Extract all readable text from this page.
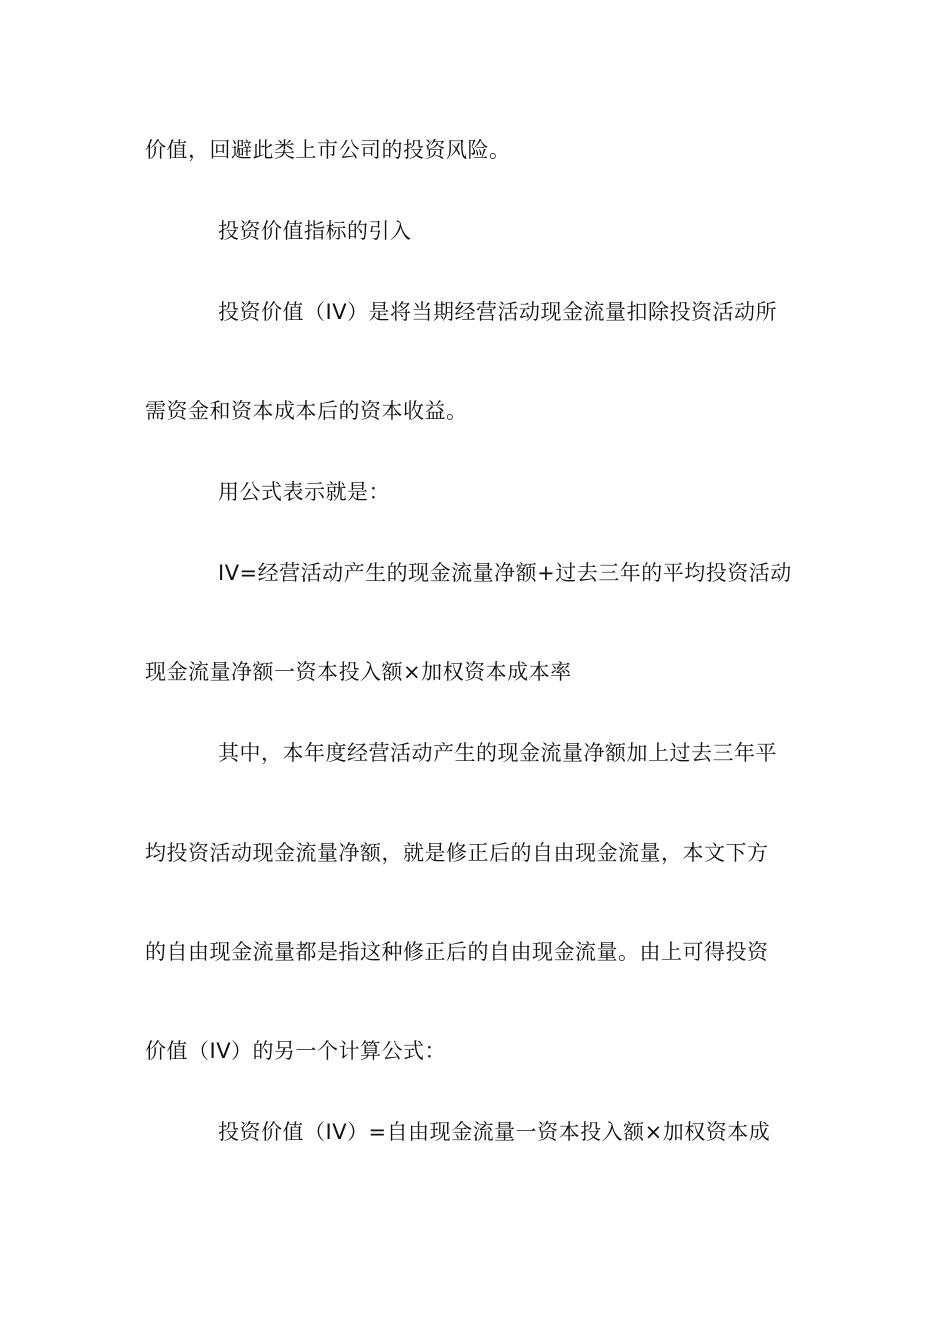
价值，回避此类上市公司的投资风险。
投资价值指标的引入
投资价值（IV）是将当期经营活动现金流量扣除投资活动所
需资金和资本成本后的资本收益。
用公式表示就是：
IV=经营活动产生的现金流量净额+过去三年的平均投资活动
现金流量净额一资本投入额×加权资本成本率
其中，本年度经营活动产生的现金流量净额加上过去三年平
均投资活动现金流量净额，就是修正后的自由现金流量，本文下方
的自由现金流量都是指这种修正后的自由现金流量。由上可得投资
价值（IV）的另一个计算公式：
投资价值（IV）=自由现金流量一资本投入额×加权资本成
